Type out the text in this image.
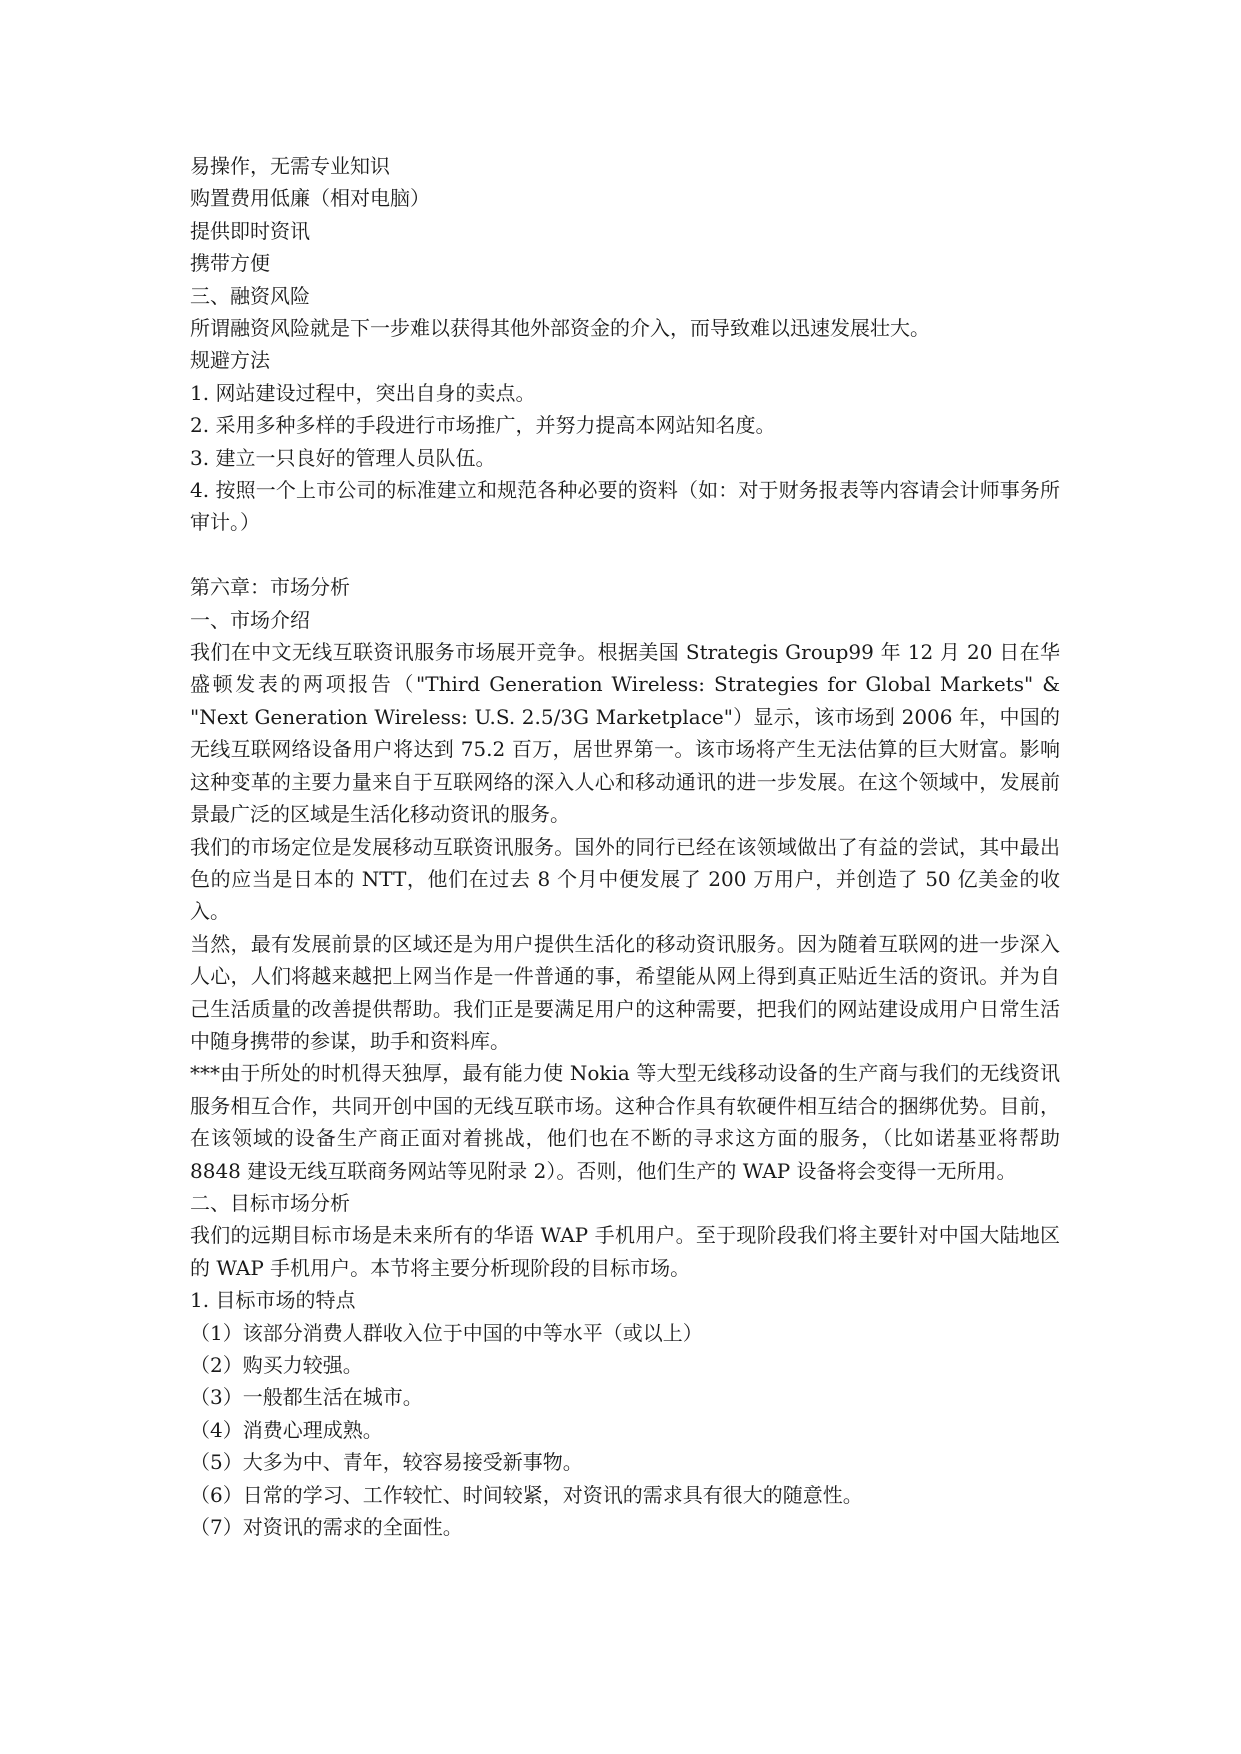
易操作，无需专业知识
购置费用低廉（相对电脑）
提供即时资讯
携带方便
三、融资风险
所谓融资风险就是下一步难以获得其他外部资金的介入，而导致难以迅速发展壮大。
规避方法
1. 网站建设过程中，突出自身的卖点。
2. 采用多种多样的手段进行市场推广，并努力提高本网站知名度。
3. 建立一只良好的管理人员队伍。
4. 按照一个上市公司的标准建立和规范各种必要的资料（如：对于财务报表等内容请会计师事务所审计。）
第六章：市场分析
一、市场介绍
我们在中文无线互联资讯服务市场展开竞争。根据美国 Strategis Group99 年 12 月 20 日在华盛顿发表的两项报告（"Third Generation Wireless: Strategies for Global Markets" & "Next Generation Wireless: U.S. 2.5/3G Marketplace"）显示，该市场到 2006 年，中国的无线互联网络设备用户将达到 75.2 百万，居世界第一。该市场将产生无法估算的巨大财富。影响这种变革的主要力量来自于互联网络的深入人心和移动通讯的进一步发展。在这个领域中，发展前景最广泛的区域是生活化移动资讯的服务。
我们的市场定位是发展移动互联资讯服务。国外的同行已经在该领域做出了有益的尝试，其中最出色的应当是日本的 NTT，他们在过去 8 个月中便发展了 200 万用户，并创造了 50 亿美金的收入。
当然，最有发展前景的区域还是为用户提供生活化的移动资讯服务。因为随着互联网的进一步深入人心，人们将越来越把上网当作是一件普通的事，希望能从网上得到真正贴近生活的资讯。并为自己生活质量的改善提供帮助。我们正是要满足用户的这种需要，把我们的网站建设成用户日常生活中随身携带的参谋，助手和资料库。
***由于所处的时机得天独厚，最有能力使 Nokia 等大型无线移动设备的生产商与我们的无线资讯服务相互合作，共同开创中国的无线互联市场。这种合作具有软硬件相互结合的捆绑优势。目前，在该领域的设备生产商正面对着挑战，他们也在不断的寻求这方面的服务，（比如诺基亚将帮助 8848 建设无线互联商务网站等见附录 2）。否则，他们生产的 WAP 设备将会变得一无所用。
二、目标市场分析
我们的远期目标市场是未来所有的华语 WAP 手机用户。至于现阶段我们将主要针对中国大陆地区的 WAP 手机用户。本节将主要分析现阶段的目标市场。
1. 目标市场的特点
（1）该部分消费人群收入位于中国的中等水平（或以上）
（2）购买力较强。
（3）一般都生活在城市。
（4）消费心理成熟。
（5）大多为中、青年，较容易接受新事物。
（6）日常的学习、工作较忙、时间较紧，对资讯的需求具有很大的随意性。
（7）对资讯的需求的全面性。
